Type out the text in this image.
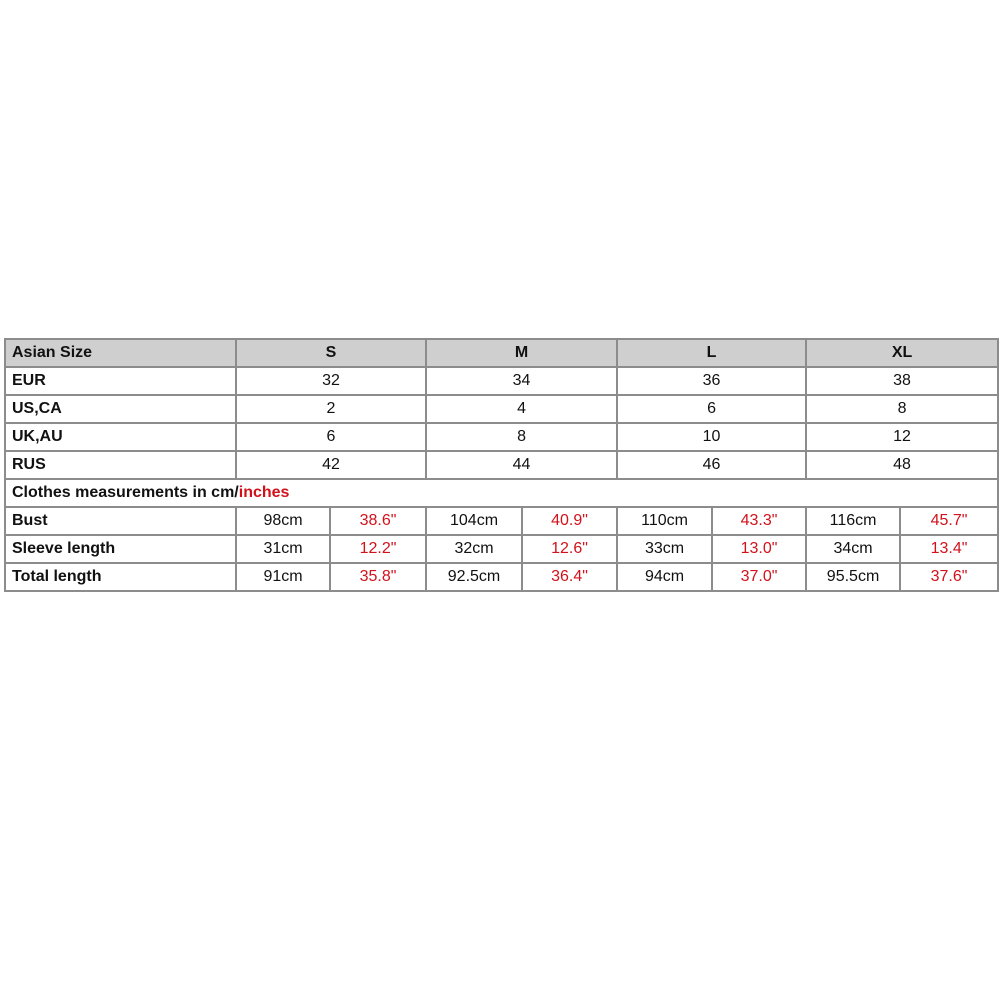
Asian Size	S		M		L		XL	
EUR	32		34		36		38	
US,CA	2		4		6		8	
UK,AU	6		8		10		12	
RUS	42		44		46		48	
Clothes measurements in cm/inches								
Bust	98cm	38.6"	104cm	40.9"	110cm	43.3"	116cm	45.7"
Sleeve length	31cm	12.2"	32cm	12.6"	33cm	13.0"	34cm	13.4"
Total length	91cm	35.8"	92.5cm	36.4"	94cm	37.0"	95.5cm	37.6"
